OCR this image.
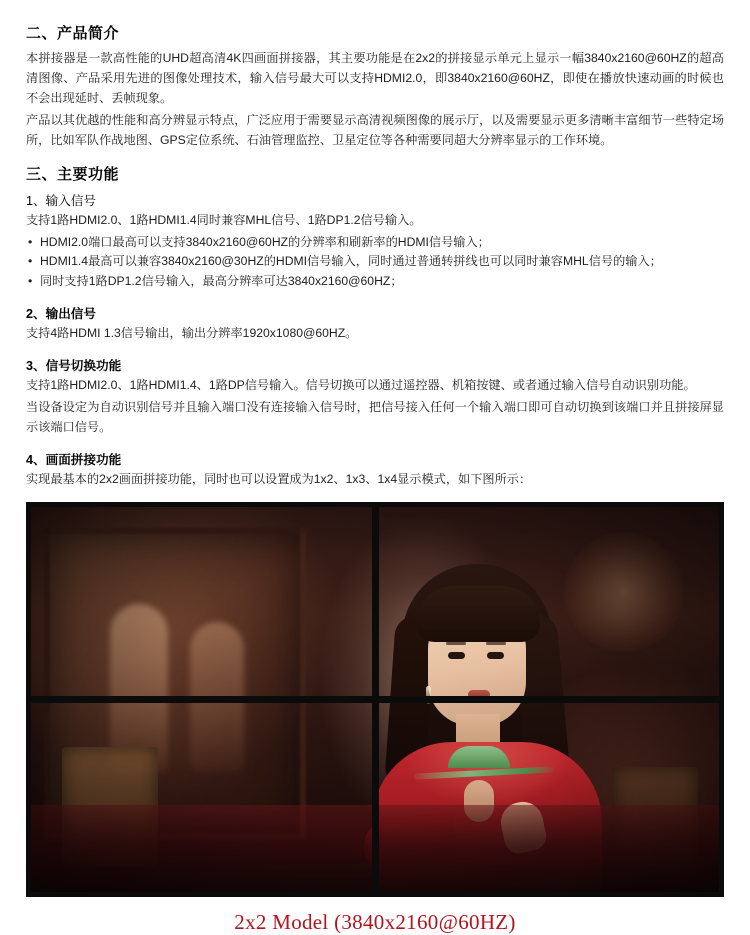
二、产品简介

本拼接器是一款高性能的UHD超高清4K四画面拼接器，其主要功能是在2x2的拼接显示单元上显示一幅3840x2160@60HZ的超高清图像、产品采用先进的图像处理技术，输入信号最大可以支持HDMI2.0，即3840x2160@60HZ，即使在播放快速动画的时候也不会出现延时、丢帧现象。

产品以其优越的性能和高分辨显示特点，广泛应用于需要显示高清视频图像的展示厅，以及需要显示更多清晰丰富细节一些特定场所，比如军队作战地图、GPS定位系统、石油管理监控、卫星定位等各种需要同超大分辨率显示的工作环境。

三、主要功能
1、输入信号

支持1路HDMI2.0、1路HDMI1.4同时兼容MHL信号、1路DP1.2信号输入。

• HDMI2.0端口最高可以支持3840x2160@60HZ的分辨率和刷新率的HDMI信号输入；
• HDMI1.4最高可以兼容3840x2160@30HZ的HDMI信号输入，同时通过普通转拼线也可以同时兼容MHL信号的输入；
• 同时支持1路DP1.2信号输入，最高分辨率可达3840x2160@60HZ；
2、输出信号

支持4路HDMI 1.3信号输出，输出分辨率1920x1080@60HZ。

3、信号切换功能

支持1路HDMI2.0、1路HDMI1.4、1路DP信号输入。信号切换可以通过遥控器、机箱按键、或者通过输入信号自动识别功能。

当设备设定为自动识别信号并且输入端口没有连接输入信号时，把信号接入任何一个输入端口即可自动切换到该端口并且拼接屏显示该端口信号。

4、画面拼接功能

实现最基本的2x2画面拼接功能，同时也可以设置成为1x2、1x3、1x4显示模式，如下图所示：

2x2 Model (3840x2160@60HZ)
